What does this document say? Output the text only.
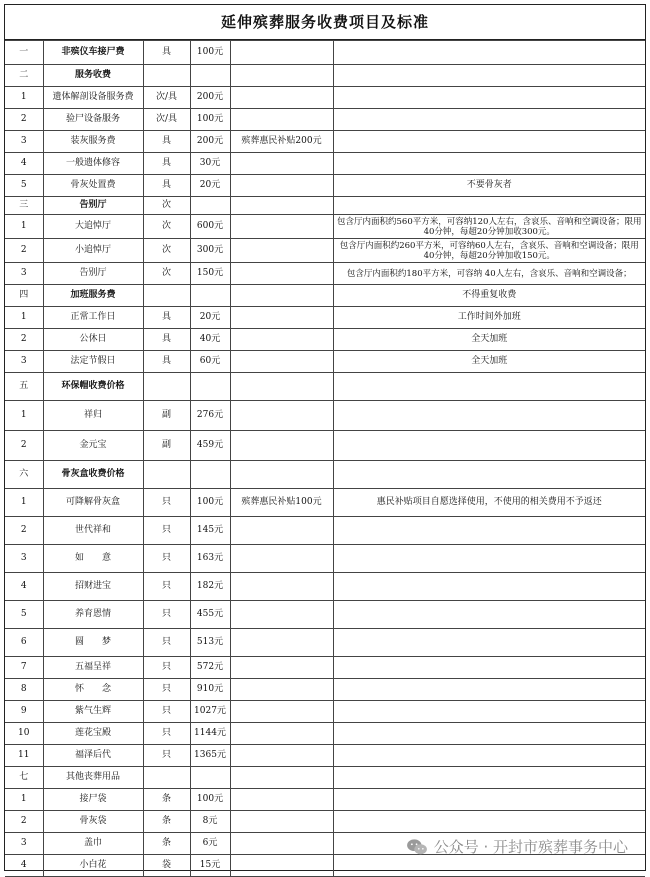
延伸殡葬服务收费项目及标准
一	非殡仪车接尸费	具	100元		
二	服务收费				
1	遗体解剖设备服务费	次/具	200元		
2	验尸设备服务	次/具	100元		
3	装灰服务费	具	200元	殡葬惠民补贴200元	
4	一般遗体修容	具	30元		
5	骨灰处置费	具	20元		不要骨灰者
三	告别厅	次			
1	大追悼厅	次	600元		包含厅内面积约560平方米，可容纳120人左右，含哀乐、音响和空调设备；限用40分钟，每超20分钟加收300元。
2	小追悼厅	次	300元		包含厅内面积约260平方米，可容纳60人左右，含哀乐、音响和空调设备；限用40分钟，每超20分钟加收150元。
3	告别厅	次	150元		包含厅内面积约180平方米，可容纳 40人左右，含哀乐、音响和空调设备；
四	加班服务费				不得重复收费
1	正常工作日	具	20元		工作时间外加班
2	公休日	具	40元		全天加班
3	法定节假日	具	60元		全天加班
五	环保帽收费价格				
1	祥归	副	276元		
2	金元宝	副	459元		
六	骨灰盒收费价格				
1	可降解骨灰盒	只	100元	殡葬惠民补贴100元	惠民补贴项目自愿选择使用，不使用的相关费用不予返还
2	世代祥和	只	145元		
3	如　　意	只	163元		
4	招财进宝	只	182元		
5	养育恩情	只	455元		
6	圆　　梦	只	513元		
7	五福呈祥	只	572元		
8	怀　　念	只	910元		
9	紫气生辉	只	1027元		
10	莲花宝殿	只	1144元		
11	福泽后代	只	1365元		
七	其他丧葬用品				
1	接尸袋	条	100元		
2	骨灰袋	条	8元		
3	盖巾	条	6元		
4	小白花	袋	15元		
公众号 · 开封市殡葬事务中心
